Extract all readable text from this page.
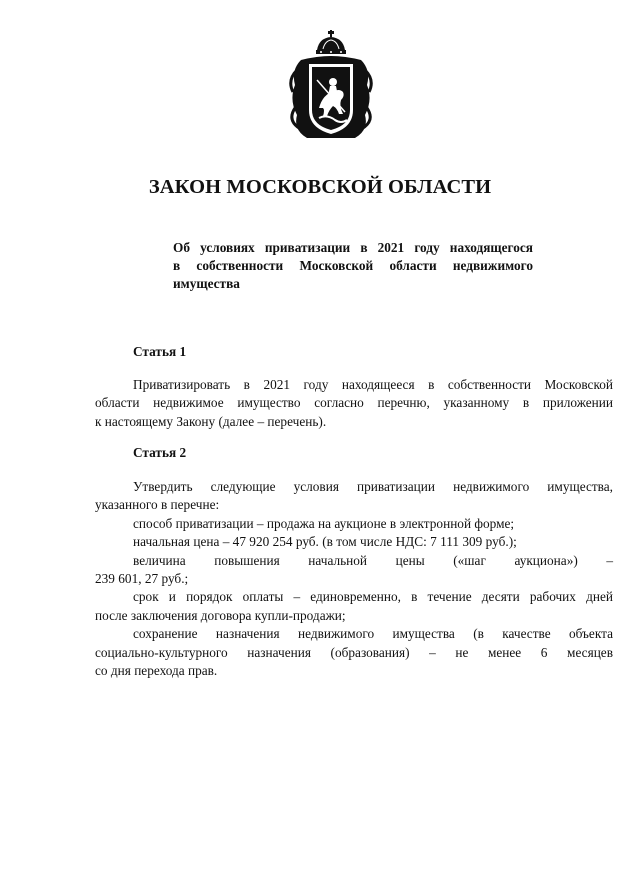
ЗАКОН МОСКОВСКОЙ ОБЛАСТИ
Об условиях приватизации в 2021 году находящегося
в собственности Московской области недвижимого
имущества
Статья 1
Приватизировать в 2021 году находящееся в собственности Московской
области недвижимое имущество согласно перечню, указанному в приложении
к настоящему Закону (далее – перечень).
Статья 2
Утвердить следующие условия приватизации недвижимого имущества,
указанного в перечне:
способ приватизации – продажа на аукционе в электронной форме;
начальная цена – 47 920 254 руб. (в том числе НДС: 7 111 309 руб.);
величина повышения начальной цены («шаг аукциона») –
239 601, 27 руб.;
срок и порядок оплаты – единовременно, в течение десяти рабочих дней
после заключения договора купли-продажи;
сохранение назначения недвижимого имущества (в качестве объекта
социально-культурного назначения (образования) – не менее 6 месяцев
со дня перехода прав.
